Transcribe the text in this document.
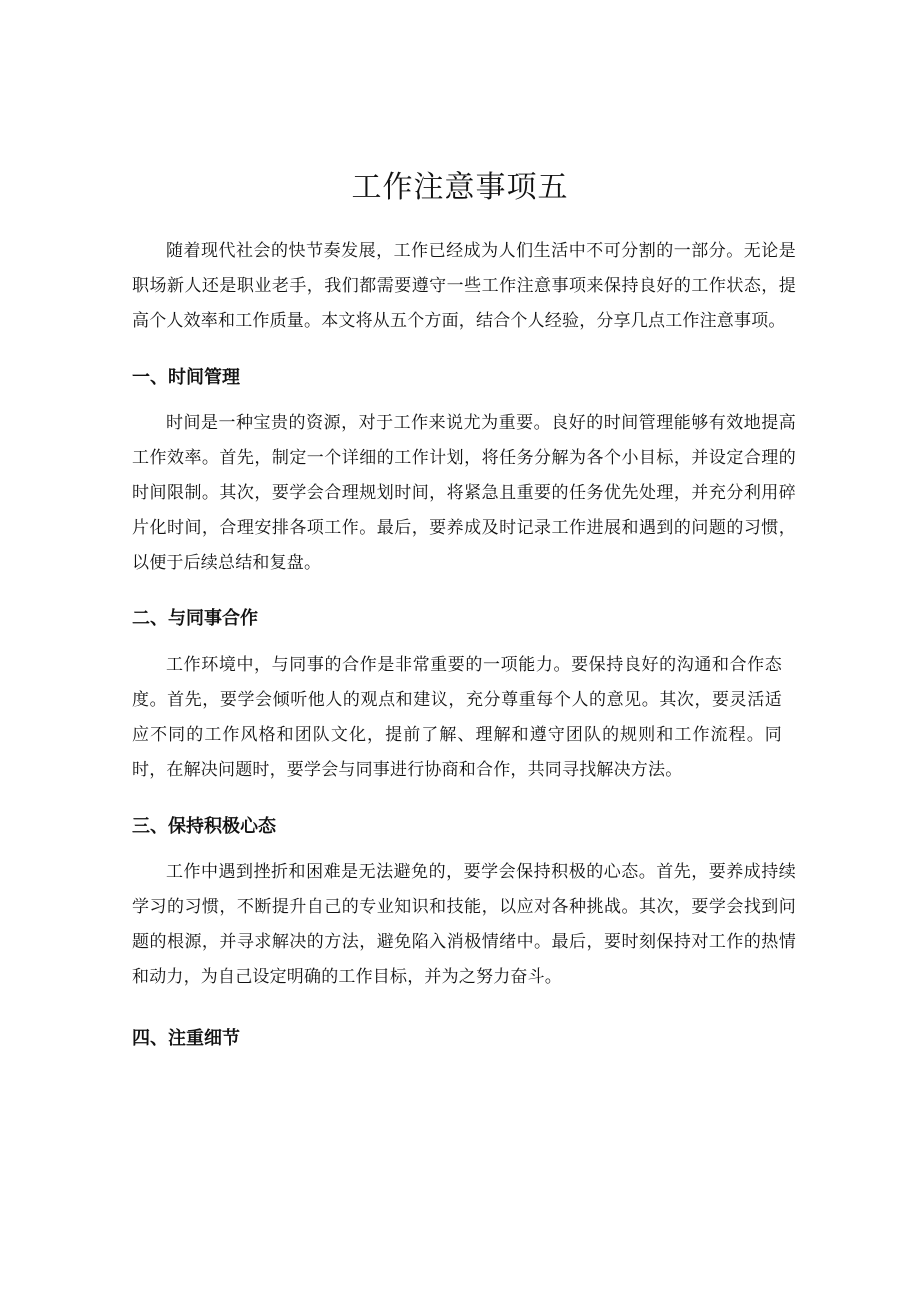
工作注意事项五

随着现代社会的快节奏发展，工作已经成为人们生活中不可分割的一部分。无论是职场新人还是职业老手，我们都需要遵守一些工作注意事项来保持良好的工作状态，提高个人效率和工作质量。本文将从五个方面，结合个人经验，分享几点工作注意事项。

一、时间管理

时间是一种宝贵的资源，对于工作来说尤为重要。良好的时间管理能够有效地提高工作效率。首先，制定一个详细的工作计划，将任务分解为各个小目标，并设定合理的时间限制。其次，要学会合理规划时间，将紧急且重要的任务优先处理，并充分利用碎片化时间，合理安排各项工作。最后，要养成及时记录工作进展和遇到的问题的习惯，以便于后续总结和复盘。

二、与同事合作

工作环境中，与同事的合作是非常重要的一项能力。要保持良好的沟通和合作态度。首先，要学会倾听他人的观点和建议，充分尊重每个人的意见。其次，要灵活适应不同的工作风格和团队文化，提前了解、理解和遵守团队的规则和工作流程。同时，在解决问题时，要学会与同事进行协商和合作，共同寻找解决方法。

三、保持积极心态

工作中遇到挫折和困难是无法避免的，要学会保持积极的心态。首先，要养成持续学习的习惯，不断提升自己的专业知识和技能，以应对各种挑战。其次，要学会找到问题的根源，并寻求解决的方法，避免陷入消极情绪中。最后，要时刻保持对工作的热情和动力，为自己设定明确的工作目标，并为之努力奋斗。

四、注重细节
